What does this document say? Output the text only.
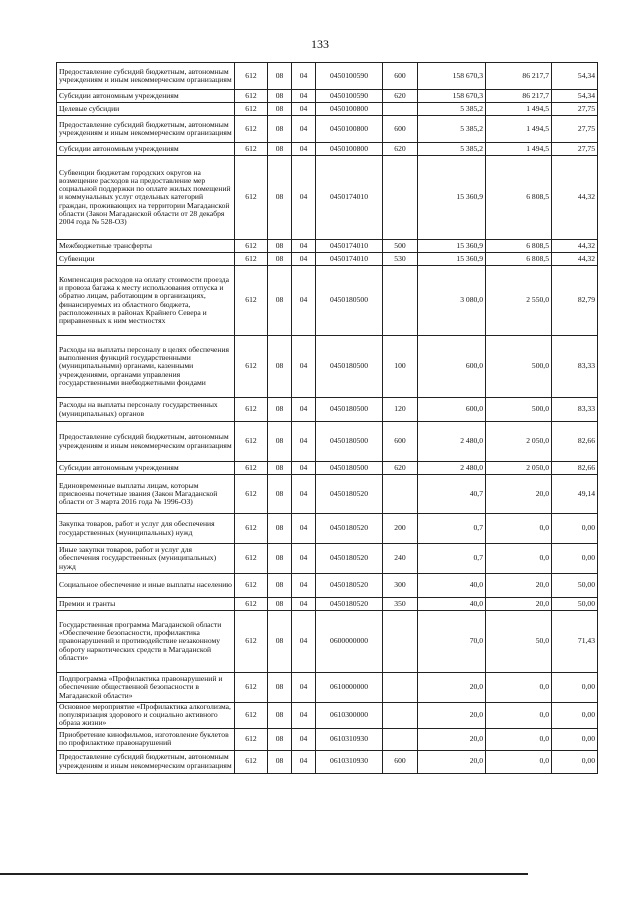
133
Предоставление субсидий бюджетным, автономным учреждениям и иным некоммерческим организациям	612	08	04	0450100590	600	158 670,3	86 217,7	54,34
Субсидии автономным учреждениям	612	08	04	0450100590	620	158 670,3	86 217,7	54,34
Целевые субсидии	612	08	04	0450100800		5 385,2	1 494,5	27,75
Предоставление субсидий бюджетным, автономным учреждениям и иным некоммерческим организациям	612	08	04	0450100800	600	5 385,2	1 494,5	27,75
Субсидии автономным учреждениям	612	08	04	0450100800	620	5 385,2	1 494,5	27,75
Субвенции бюджетам городских округов на возмещение расходов на предоставление мер социальной поддержки по оплате жилых помещений и коммунальных услуг отдельных категорий граждан, проживающих на территории Магаданской области (Закон Магаданской области от 28 декабря 2004 года № 528-ОЗ)	612	08	04	0450174010		15 360,9	6 808,5	44,32
Межбюджетные трансферты	612	08	04	0450174010	500	15 360,9	6 808,5	44,32
Субвенции	612	08	04	0450174010	530	15 360,9	6 808,5	44,32
Компенсация расходов на оплату стоимости проезда и провоза багажа к месту использования отпуска и обратно лицам, работающим в организациях, финансируемых из областного бюджета, расположенных в районах Крайнего Севера и приравненных к ним местностях	612	08	04	0450180500		3 080,0	2 550,0	82,79
Расходы на выплаты персоналу в целях обеспечения выполнения функций государственными (муниципальными) органами, казенными учреждениями, органами управления государственными внебюджетными фондами	612	08	04	0450180500	100	600,0	500,0	83,33
Расходы на выплаты персоналу государственных (муниципальных) органов	612	08	04	0450180500	120	600,0	500,0	83,33
Предоставление субсидий бюджетным, автономным учреждениям и иным некоммерческим организациям	612	08	04	0450180500	600	2 480,0	2 050,0	82,66
Субсидии автономным учреждениям	612	08	04	0450180500	620	2 480,0	2 050,0	82,66
Единовременные выплаты лицам, которым присвоены почетные звания (Закон Магаданской области от 3 марта 2016 года № 1996-ОЗ)	612	08	04	0450180520		40,7	20,0	49,14
Закупка товаров, работ и услуг для обеспечения государственных (муниципальных) нужд	612	08	04	0450180520	200	0,7	0,0	0,00
Иные закупки товаров, работ и услуг для обеспечения государственных (муниципальных) нужд	612	08	04	0450180520	240	0,7	0,0	0,00
Социальное обеспечение и иные выплаты населению	612	08	04	0450180520	300	40,0	20,0	50,00
Премии и гранты	612	08	04	0450180520	350	40,0	20,0	50,00
Государственная программа Магаданской области «Обеспечение безопасности, профилактика правонарушений и противодействие незаконному обороту наркотических средств в Магаданской области»	612	08	04	0600000000		70,0	50,0	71,43
Подпрограмма «Профилактика правонарушений и обеспечение общественной безопасности в Магаданской области»	612	08	04	0610000000		20,0	0,0	0,00
Основное мероприятие «Профилактика алкоголизма, популяризация здорового и социально активного образа жизни»	612	08	04	0610300000		20,0	0,0	0,00
Приобретение кинофильмов, изготовление буклетов по профилактике правонарушений	612	08	04	0610310930		20,0	0,0	0,00
Предоставление субсидий бюджетным, автономным учреждениям и иным некоммерческим организациям	612	08	04	0610310930	600	20,0	0,0	0,00
